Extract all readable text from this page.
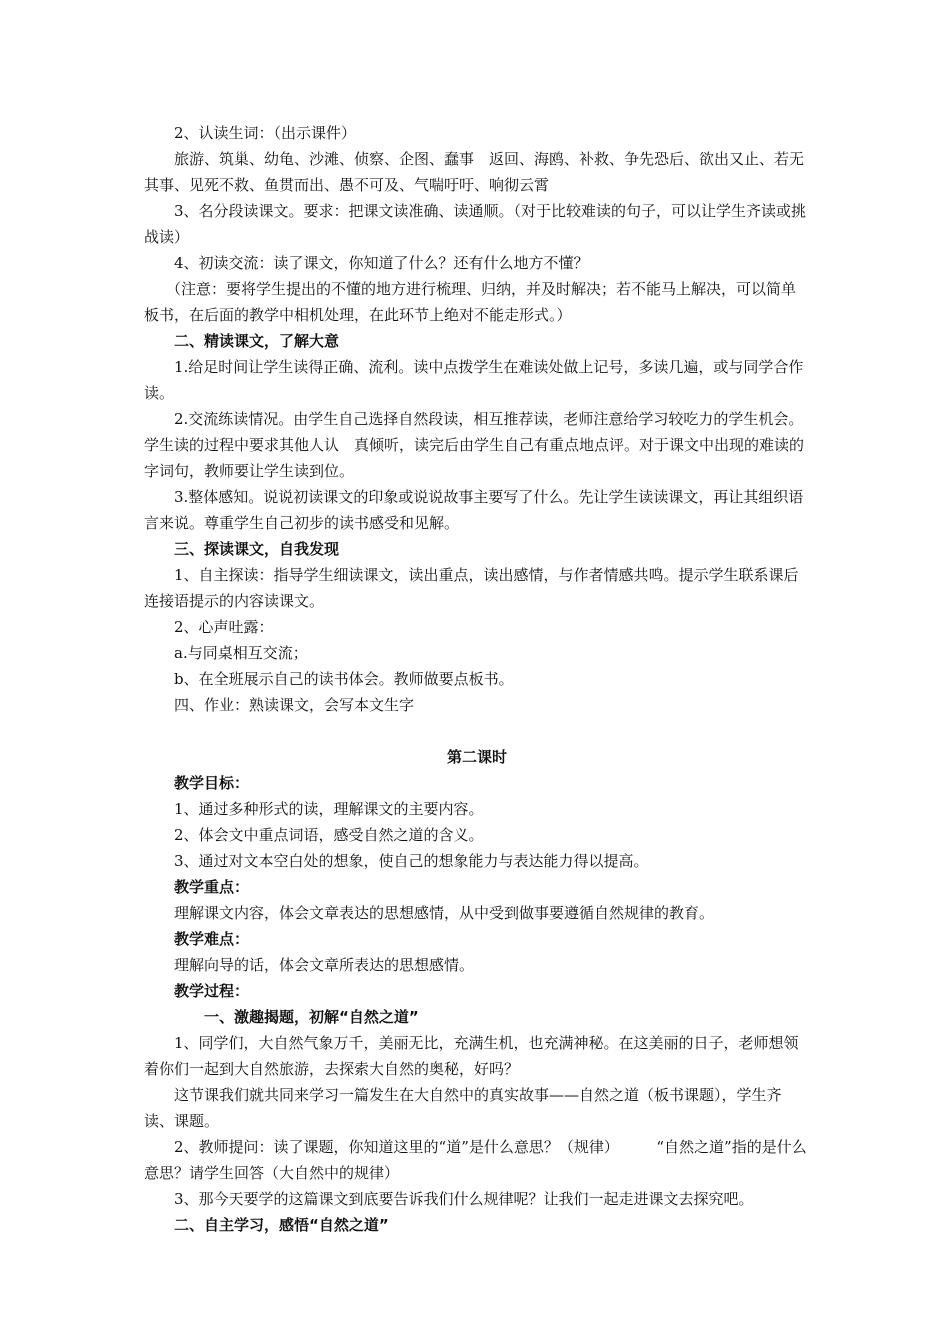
2、认读生词：（出示课件）

旅游、筑巢、幼龟、沙滩、侦察、企图、蠢事　返回、海鸥、补救、争先恐后、欲出又止、若无其事、见死不救、鱼贯而出、愚不可及、气喘吁吁、响彻云霄

3、名分段读课文。要求：把课文读准确、读通顺。（对于比较难读的句子，可以让学生齐读或挑战读）

4、初读交流：读了课文，你知道了什么？还有什么地方不懂？

（注意：要将学生提出的不懂的地方进行梳理、归纳，并及时解决；若不能马上解决，可以简单板书，在后面的教学中相机处理，在此环节上绝对不能走形式。）

二、精读课文，了解大意

1.给足时间让学生读得正确、流利。读中点拨学生在难读处做上记号，多读几遍，或与同学合作读。

2.交流练读情况。由学生自己选择自然段读，相互推荐读，老师注意给学习较吃力的学生机会。学生读的过程中要求其他人认　真倾听，读完后由学生自己有重点地点评。对于课文中出现的难读的字词句，教师要让学生读到位。

3.整体感知。说说初读课文的印象或说说故事主要写了什么。先让学生读读课文，再让其组织语言来说。尊重学生自己初步的读书感受和见解。

三、探读课文，自我发现

1、自主探读：指导学生细读课文，读出重点，读出感情，与作者情感共鸣。提示学生联系课后连接语提示的内容读课文。

2、心声吐露：

a.与同桌相互交流；

b、在全班展示自己的读书体会。教师做要点板书。

四、作业：熟读课文，会写本文生字

第二课时

教学目标：

1、通过多种形式的读，理解课文的主要内容。

2、体会文中重点词语，感受自然之道的含义。

3、通过对文本空白处的想象，使自己的想象能力与表达能力得以提高。

教学重点：

理解课文内容，体会文章表达的思想感情，从中受到做事要遵循自然规律的教育。

教学难点：

理解向导的话，体会文章所表达的思想感情。

教学过程：

一、激趣揭题，初解“自然之道”

1、同学们，大自然气象万千，美丽无比，充满生机，也充满神秘。在这美丽的日子，老师想领着你们一起到大自然旅游，去探索大自然的奥秘，好吗？

这节课我们就共同来学习一篇发生在大自然中的真实故事——自然之道（板书课题），学生齐读、课题。

2、教师提问：读了课题，你知道这里的“道”是什么意思？（规律）　　　“自然之道”指的是什么意思？请学生回答（大自然中的规律）

3、那今天要学的这篇课文到底要告诉我们什么规律呢？让我们一起走进课文去探究吧。

二、自主学习，感悟“自然之道”
